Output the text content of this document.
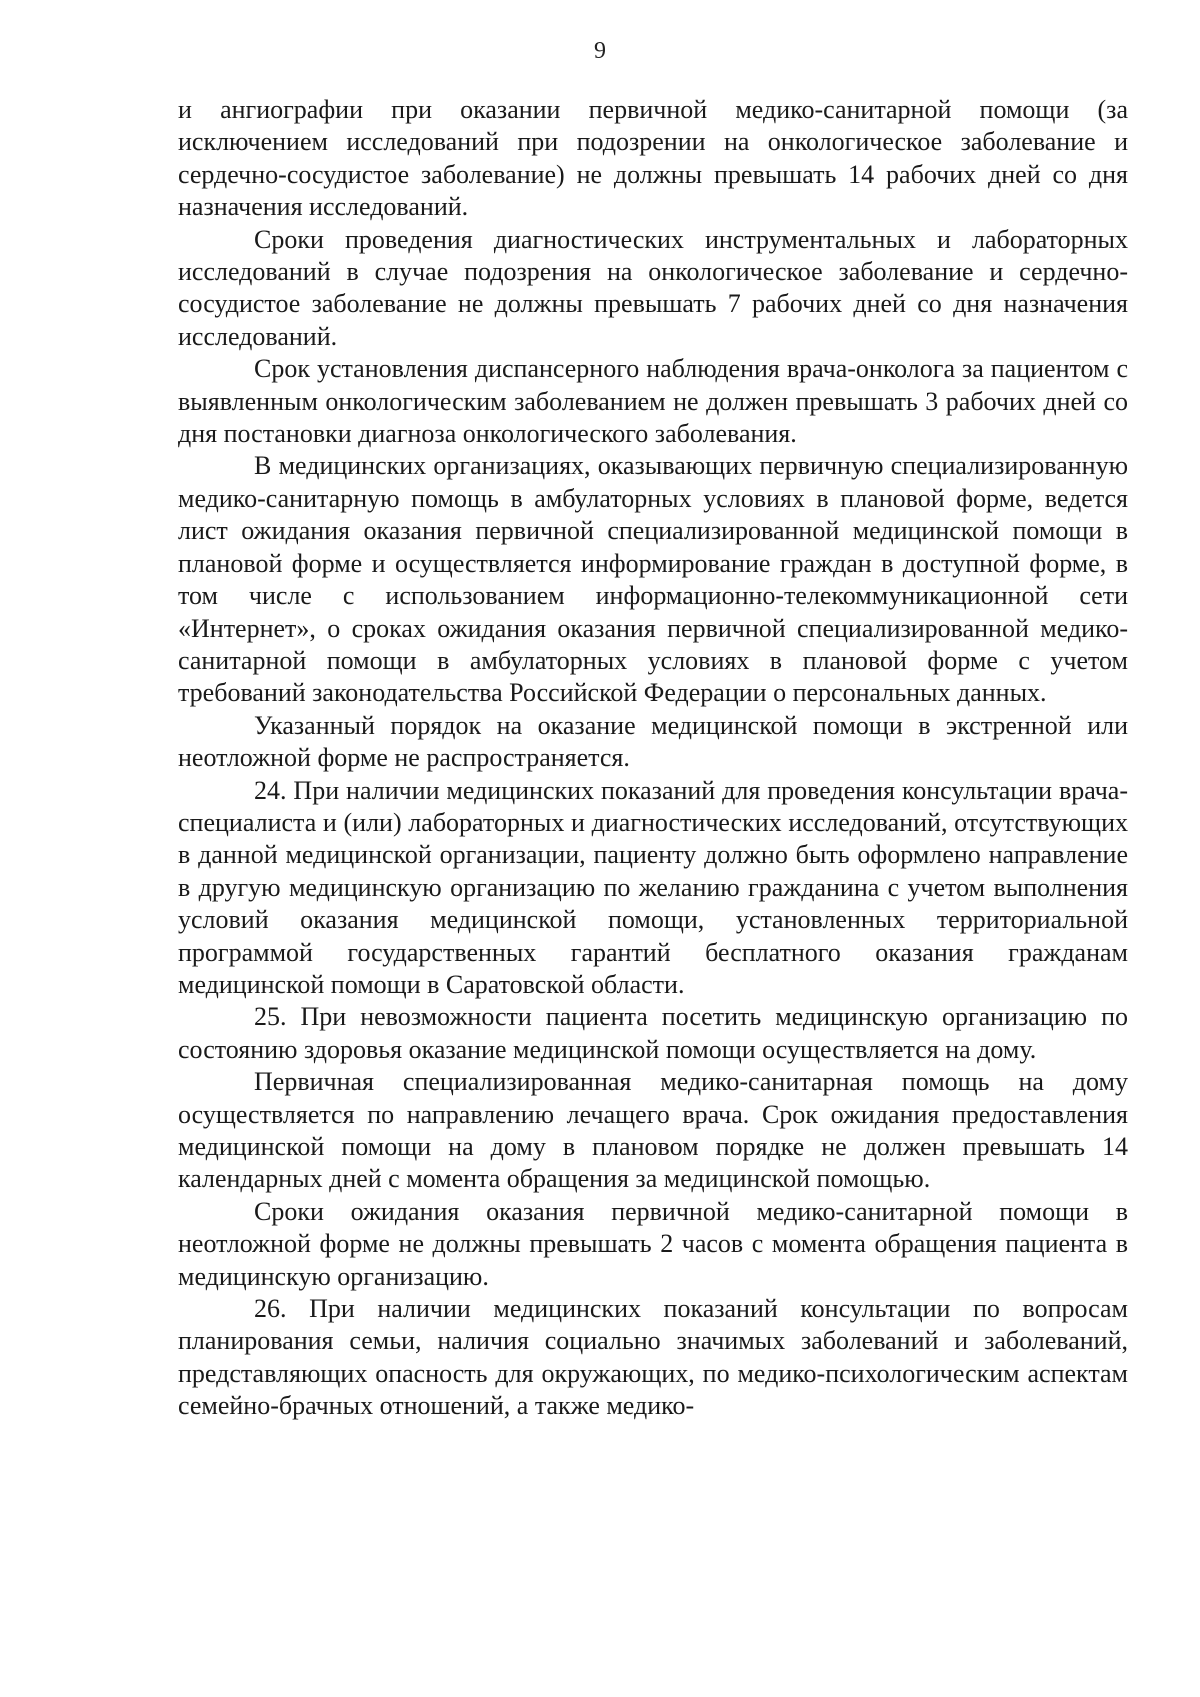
9

и ангиографии при оказании первичной медико-санитарной помощи (за исключением исследований при подозрении на онкологическое заболевание и сердечно-сосудистое заболевание) не должны превышать 14 рабочих дней со дня назначения исследований.

Сроки проведения диагностических инструментальных и лабораторных исследований в случае подозрения на онкологическое заболевание и сердечно-сосудистое заболевание не должны превышать 7 рабочих дней со дня назначения исследований.

Срок установления диспансерного наблюдения врача-онколога за пациентом с выявленным онкологическим заболеванием не должен превышать 3 рабочих дней со дня постановки диагноза онкологического заболевания.

В медицинских организациях, оказывающих первичную специализированную медико-санитарную помощь в амбулаторных условиях в плановой форме, ведется лист ожидания оказания первичной специализированной медицинской помощи в плановой форме и осуществляется информирование граждан в доступной форме, в том числе с использованием информационно-телекоммуникационной сети «Интернет», о сроках ожидания оказания первичной специализированной медико-санитарной помощи в амбулаторных условиях в плановой форме с учетом требований законодательства Российской Федерации о персональных данных.

Указанный порядок на оказание медицинской помощи в экстренной или неотложной форме не распространяется.

24. При наличии медицинских показаний для проведения консультации врача-специалиста и (или) лабораторных и диагностических исследований, отсутствующих в данной медицинской организации, пациенту должно быть оформлено направление в другую медицинскую организацию по желанию гражданина с учетом выполнения условий оказания медицинской помощи, установленных территориальной программой государственных гарантий бесплатного оказания гражданам медицинской помощи в Саратовской области.

25. При невозможности пациента посетить медицинскую организацию по состоянию здоровья оказание медицинской помощи осуществляется на дому.

Первичная специализированная медико-санитарная помощь на дому осуществляется по направлению лечащего врача. Срок ожидания предоставления медицинской помощи на дому в плановом порядке не должен превышать 14 календарных дней с момента обращения за медицинской помощью.

Сроки ожидания оказания первичной медико-санитарной помощи в неотложной форме не должны превышать 2 часов с момента обращения пациента в медицинскую организацию.

26. При наличии медицинских показаний консультации по вопросам планирования семьи, наличия социально значимых заболеваний и заболеваний, представляющих опасность для окружающих, по медико-психологическим аспектам семейно-брачных отношений, а также медико-
